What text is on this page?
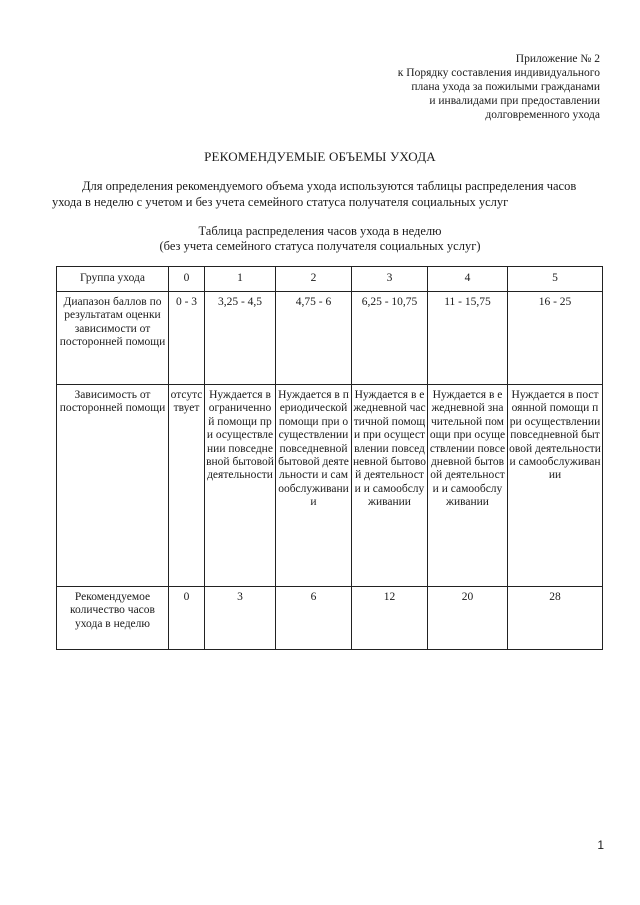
Приложение № 2
к Порядку составления индивидуального
плана ухода за пожилыми гражданами
и инвалидами при предоставлении
долговременного ухода
РЕКОМЕНДУЕМЫЕ ОБЪЕМЫ УХОДА
Для определения рекомендуемого объема ухода используются таблицы распределения часов
ухода в неделю с учетом и без учета семейного статуса получателя социальных услуг
Таблица распределения часов ухода в неделю
(без учета семейного статуса получателя социальных услуг)
Группа ухода	0	1	2	3	4	5
Диапазон баллов по результатам оценки зависимости от посторонней помощи	0 - 3	3,25 - 4,5	4,75 - 6	6,25 - 10,75	11 - 15,75	16 - 25
Зависимость от посторонней помощи	отсутствует	Нуждается в ограниченной помощи при осуществлении повседневной бытовой деятельности	Нуждается в периодической помощи при осуществлении повседневной бытовой деятельности и самообслуживании	Нуждается в ежедневной частичной помощи при осуществлении повседневной бытовой деятельности и самообслуживании	Нуждается в ежедневной значительной помощи при осуществлении повседневной бытовой деятельности и самообслуживании	Нуждается в постоянной помощи при осуществлении повседневной бытовой деятельности и самообслуживании
Рекомендуемое количество часов ухода в неделю	0	3	6	12	20	28
1
